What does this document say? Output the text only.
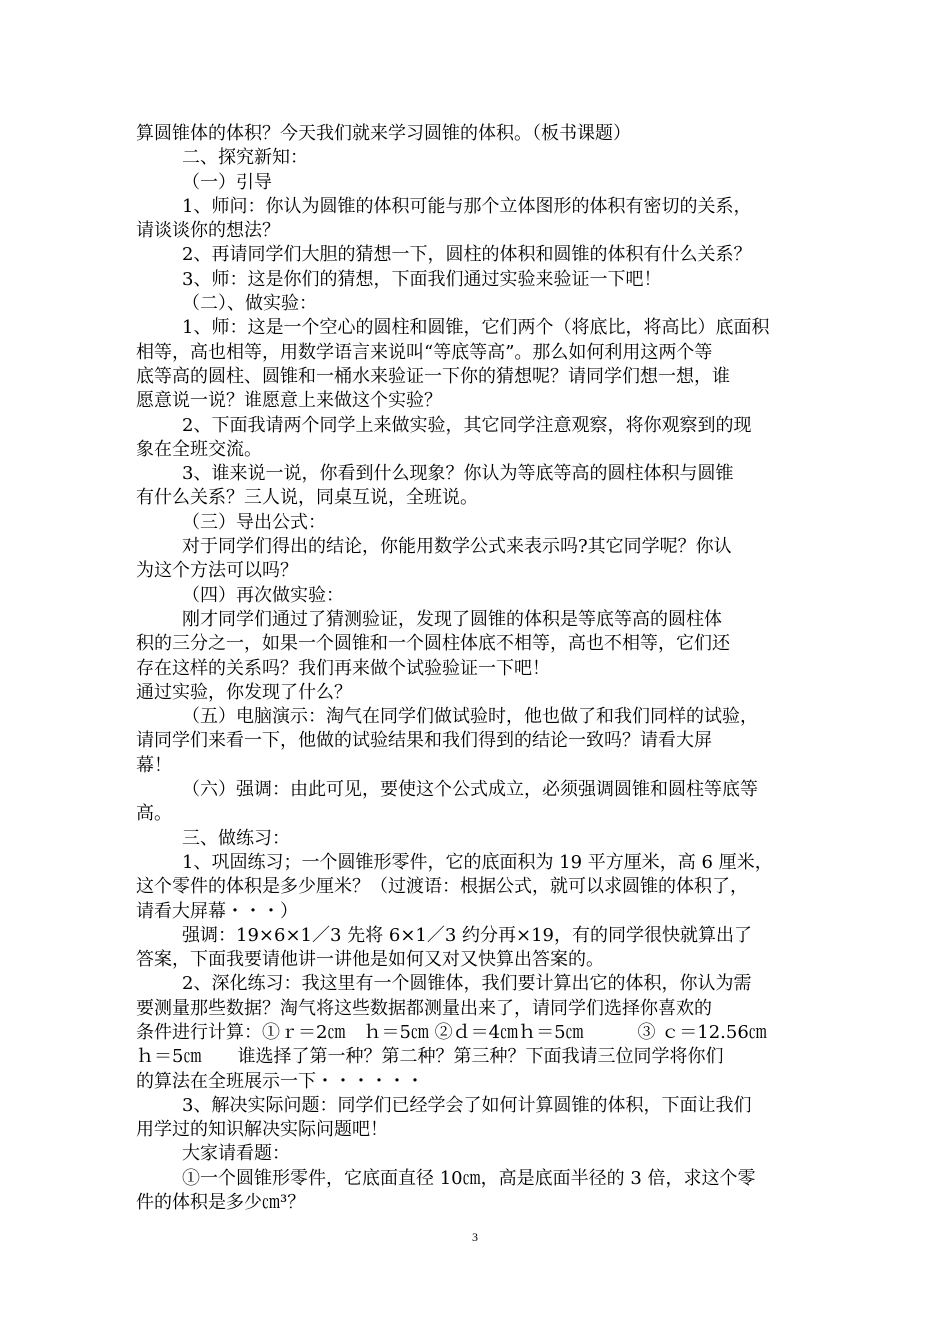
算圆锥体的体积？今天我们就来学习圆锥的体积。（板书课题）
二、探究新知：
（一）引导
1、师问：你认为圆锥的体积可能与那个立体图形的体积有密切的关系，
请谈谈你的想法？
2、再请同学们大胆的猜想一下，圆柱的体积和圆锥的体积有什么关系？
3、师：这是你们的猜想，下面我们通过实验来验证一下吧！
（二）、做实验：
1、师：这是一个空心的圆柱和圆锥，它们两个（将底比，将高比）底面积
相等，高也相等，用数学语言来说叫“等底等高”。那么如何利用这两个等
底等高的圆柱、圆锥和一桶水来验证一下你的猜想呢？请同学们想一想，谁
愿意说一说？谁愿意上来做这个实验？
2、下面我请两个同学上来做实验，其它同学注意观察，将你观察到的现
象在全班交流。
3、谁来说一说，你看到什么现象？你认为等底等高的圆柱体积与圆锥
有什么关系？三人说，同桌互说，全班说。
（三）导出公式：
对于同学们得出的结论，你能用数学公式来表示吗?其它同学呢？你认
为这个方法可以吗？
（四）再次做实验：
刚才同学们通过了猜测验证，发现了圆锥的体积是等底等高的圆柱体
积的三分之一，如果一个圆锥和一个圆柱体底不相等，高也不相等，它们还
存在这样的关系吗？我们再来做个试验验证一下吧！
通过实验，你发现了什么？
（五）电脑演示：淘气在同学们做试验时，他也做了和我们同样的试验，
请同学们来看一下，他做的试验结果和我们得到的结论一致吗？请看大屏
幕！
（六）强调：由此可见，要使这个公式成立，必须强调圆锥和圆柱等底等
高。
三、做练习：
1、巩固练习；一个圆锥形零件，它的底面积为 19 平方厘米，高 6 厘米，
这个零件的体积是多少厘米？（过渡语：根据公式，就可以求圆锥的体积了，
请看大屏幕・・・）
强调：19×6×1／3 先将 6×1／3 约分再×19，有的同学很快就算出了
答案，下面我要请他讲一讲他是如何又对又快算出答案的。
2、深化练习：我这里有一个圆锥体，我们要计算出它的体积，你认为需
要测量那些数据？淘气将这些数据都测量出来了，请同学们选择你喜欢的
条件进行计算：①ｒ＝2㎝　ｈ＝5㎝ ②ｄ＝4㎝ｈ＝5㎝　　　③ ｃ＝12.56㎝
ｈ＝5㎝　　谁选择了第一种？第二种？第三种？下面我请三位同学将你们
的算法在全班展示一下・・・・・・
3、解决实际问题：同学们已经学会了如何计算圆锥的体积，下面让我们
用学过的知识解决实际问题吧！
大家请看题：
①一个圆锥形零件，它底面直径 10㎝，高是底面半径的 3 倍，求这个零
件的体积是多少㎝³？
3
